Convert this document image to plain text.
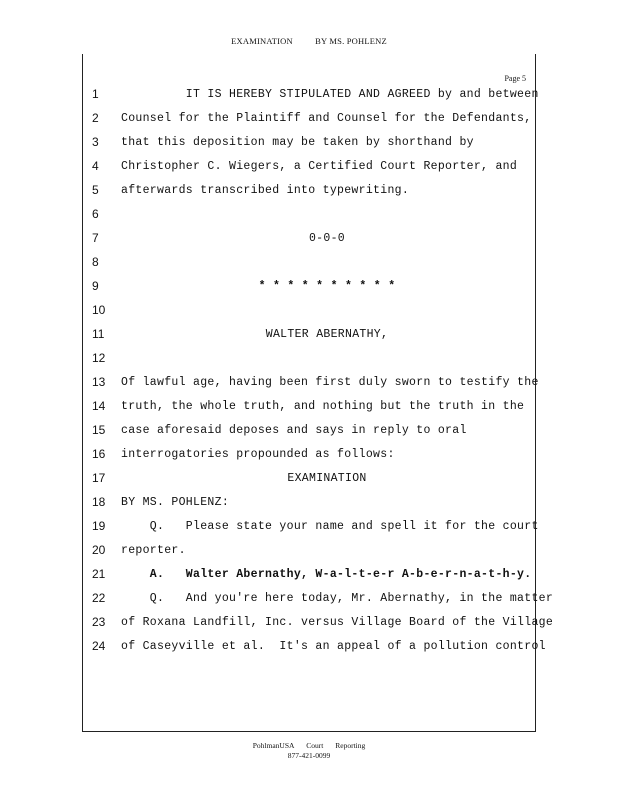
EXAMINATION	BY MS. POHLENZ
Page 5
1	IT IS HEREBY STIPULATED AND AGREED by and between
2	Counsel for the Plaintiff and Counsel for the Defendants,
3	that this deposition may be taken by shorthand by
4	Christopher C. Wiegers, a Certified Court Reporter, and
5	afterwards transcribed into typewriting.
6
7	0-0-0
8
9	* * * * * * * * * *
10
11	WALTER ABERNATHY,
12
13	Of lawful age, having been first duly sworn to testify the
14	truth, the whole truth, and nothing but the truth in the
15	case aforesaid deposes and says in reply to oral
16	interrogatories propounded as follows:
17	EXAMINATION
18	BY MS. POHLENZ:
19	Q.   Please state your name and spell it for the court
20	reporter.
21	A.   Walter Abernathy, W-a-l-t-e-r A-b-e-r-n-a-t-h-y.
22	Q.   And you're here today, Mr. Abernathy, in the matter
23	of Roxana Landfill, Inc. versus Village Board of the Village
24	of Caseyville et al.  It's an appeal of a pollution control
PohlmanUSA Court Reporting
877-421-0099
